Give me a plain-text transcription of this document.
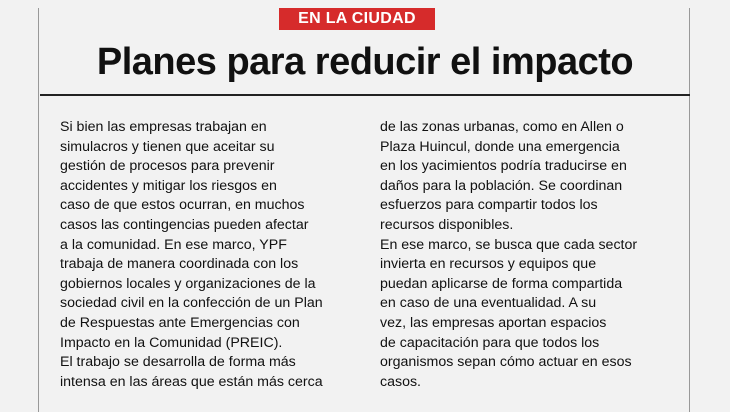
EN LA CIUDAD
Planes para reducir el impacto

Si bien las empresas trabajan en

simulacros y tienen que aceitar su

gestión de procesos para prevenir

accidentes y mitigar los riesgos en

caso de que estos ocurran, en muchos

casos las contingencias pueden afectar

a la comunidad. En ese marco, YPF

trabaja de manera coordinada con los

gobiernos locales y organizaciones de la

sociedad civil en la confección de un Plan

de Respuestas ante Emergencias con

Impacto en la Comunidad (PREIC).

El trabajo se desarrolla de forma más

intensa en las áreas que están más cerca

de las zonas urbanas, como en Allen o

Plaza Huincul, donde una emergencia

en los yacimientos podría traducirse en

daños para la población. Se coordinan

esfuerzos para compartir todos los

recursos disponibles.

En ese marco, se busca que cada sector

invierta en recursos y equipos que

puedan aplicarse de forma compartida

en caso de una eventualidad. A su

vez, las empresas aportan espacios

de capacitación para que todos los

organismos sepan cómo actuar en esos

casos.
